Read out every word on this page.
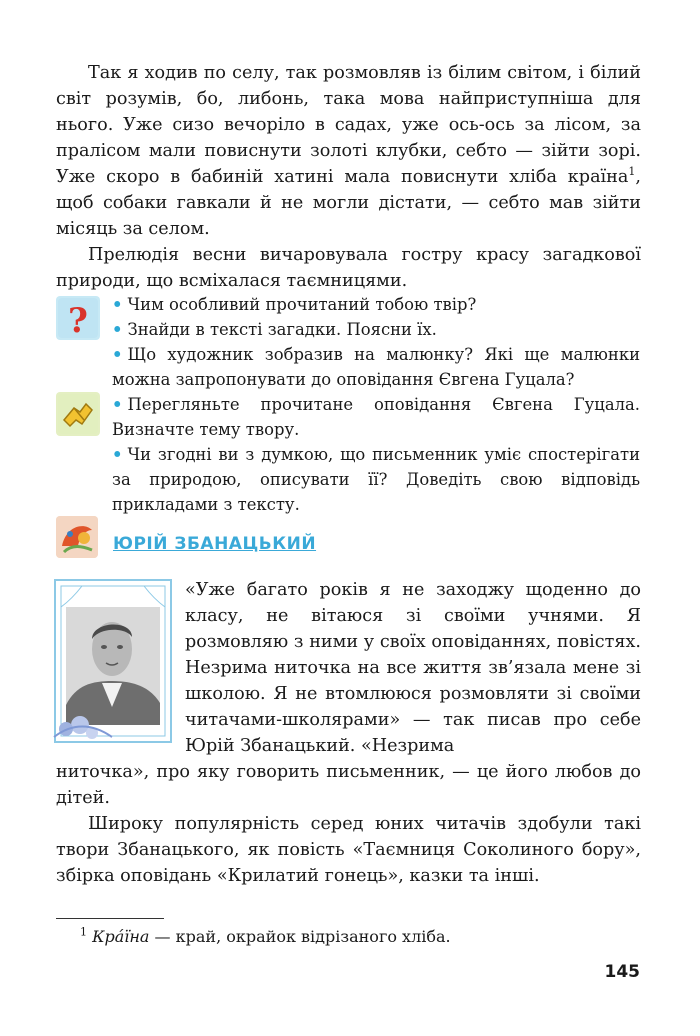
Так я ходив по селу, так розмовляв із білим світом, і білий світ розумів, бо, либонь, така мова найприступніша для нього. Уже сизо вечоріло в садах, уже ось-ось за лісом, за пралісом мали повиснути золоті клубки, себто — зійти зорі. Уже скоро в бабиній хатині мала повиснути хліба країна$^1$, щоб собаки гавкали й не могли дістати, — себто мав зійти місяць за селом.

Прелюдія весни вичаровувала гостру красу загадкової природи, що всміхалася таємницями.

? • Чим особливий прочитаний тобою твір?
• Знайди в тексті загадки. Поясни їх.
• Що художник зобразив на малюнку? Які ще малюнки можна запропонувати до оповідання Євгена Гуцала?
• Перегляньте прочитане оповідання Євгена Гуцала. Визначте тему твору.
• Чи згодні ви з думкою, що письменник уміє спостерігати за природою, описувати її? Доведіть свою відповідь прикладами з тексту.
ЮРІЙ ЗБАНАЦЬКИЙ

«Уже багато років я не заходжу щоденно до класу, не вітаюся зі своїми учнями. Я розмовляю з ними у своїх оповіданнях, повістях. Незрима ниточка на все життя зв’язала мене зі школою. Я не втомлююся розмовляти зі своїми читачами-школярами» — так писав про себе Юрій Збанацький. «Незрима

ниточка», про яку говорить письменник, — це його любов до дітей.

Широку популярність серед юних читачів здобули такі твори Збанацького, як повість «Таємниця Соколиного бору», збірка оповідань «Крилатий гонець», казки та інші.

$^1$ Кра́їна — край, окрайок відрізаного хліба.

145
